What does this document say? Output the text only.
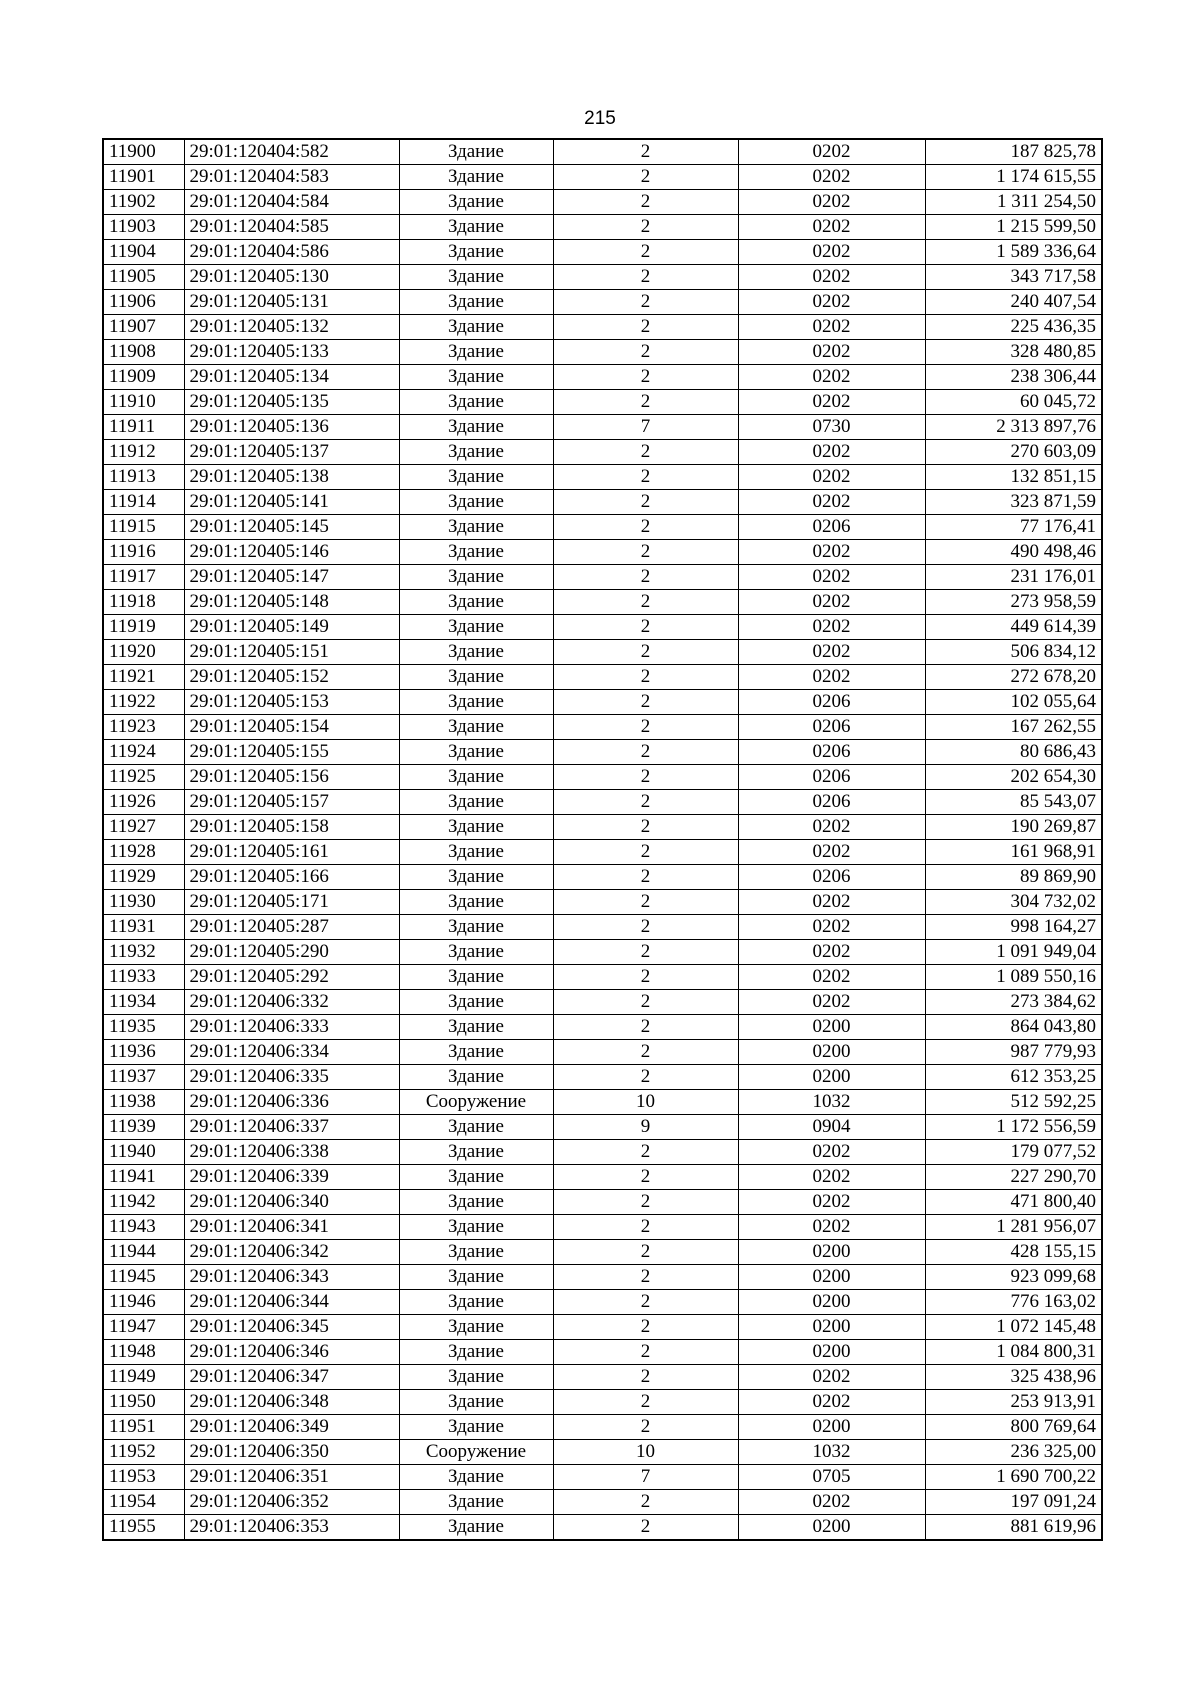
215
11900	29:01:120404:582	Здание	2	0202	187 825,78
11901	29:01:120404:583	Здание	2	0202	1 174 615,55
11902	29:01:120404:584	Здание	2	0202	1 311 254,50
11903	29:01:120404:585	Здание	2	0202	1 215 599,50
11904	29:01:120404:586	Здание	2	0202	1 589 336,64
11905	29:01:120405:130	Здание	2	0202	343 717,58
11906	29:01:120405:131	Здание	2	0202	240 407,54
11907	29:01:120405:132	Здание	2	0202	225 436,35
11908	29:01:120405:133	Здание	2	0202	328 480,85
11909	29:01:120405:134	Здание	2	0202	238 306,44
11910	29:01:120405:135	Здание	2	0202	60 045,72
11911	29:01:120405:136	Здание	7	0730	2 313 897,76
11912	29:01:120405:137	Здание	2	0202	270 603,09
11913	29:01:120405:138	Здание	2	0202	132 851,15
11914	29:01:120405:141	Здание	2	0202	323 871,59
11915	29:01:120405:145	Здание	2	0206	77 176,41
11916	29:01:120405:146	Здание	2	0202	490 498,46
11917	29:01:120405:147	Здание	2	0202	231 176,01
11918	29:01:120405:148	Здание	2	0202	273 958,59
11919	29:01:120405:149	Здание	2	0202	449 614,39
11920	29:01:120405:151	Здание	2	0202	506 834,12
11921	29:01:120405:152	Здание	2	0202	272 678,20
11922	29:01:120405:153	Здание	2	0206	102 055,64
11923	29:01:120405:154	Здание	2	0206	167 262,55
11924	29:01:120405:155	Здание	2	0206	80 686,43
11925	29:01:120405:156	Здание	2	0206	202 654,30
11926	29:01:120405:157	Здание	2	0206	85 543,07
11927	29:01:120405:158	Здание	2	0202	190 269,87
11928	29:01:120405:161	Здание	2	0202	161 968,91
11929	29:01:120405:166	Здание	2	0206	89 869,90
11930	29:01:120405:171	Здание	2	0202	304 732,02
11931	29:01:120405:287	Здание	2	0202	998 164,27
11932	29:01:120405:290	Здание	2	0202	1 091 949,04
11933	29:01:120405:292	Здание	2	0202	1 089 550,16
11934	29:01:120406:332	Здание	2	0202	273 384,62
11935	29:01:120406:333	Здание	2	0200	864 043,80
11936	29:01:120406:334	Здание	2	0200	987 779,93
11937	29:01:120406:335	Здание	2	0200	612 353,25
11938	29:01:120406:336	Сооружение	10	1032	512 592,25
11939	29:01:120406:337	Здание	9	0904	1 172 556,59
11940	29:01:120406:338	Здание	2	0202	179 077,52
11941	29:01:120406:339	Здание	2	0202	227 290,70
11942	29:01:120406:340	Здание	2	0202	471 800,40
11943	29:01:120406:341	Здание	2	0202	1 281 956,07
11944	29:01:120406:342	Здание	2	0200	428 155,15
11945	29:01:120406:343	Здание	2	0200	923 099,68
11946	29:01:120406:344	Здание	2	0200	776 163,02
11947	29:01:120406:345	Здание	2	0200	1 072 145,48
11948	29:01:120406:346	Здание	2	0200	1 084 800,31
11949	29:01:120406:347	Здание	2	0202	325 438,96
11950	29:01:120406:348	Здание	2	0202	253 913,91
11951	29:01:120406:349	Здание	2	0200	800 769,64
11952	29:01:120406:350	Сооружение	10	1032	236 325,00
11953	29:01:120406:351	Здание	7	0705	1 690 700,22
11954	29:01:120406:352	Здание	2	0202	197 091,24
11955	29:01:120406:353	Здание	2	0200	881 619,96
